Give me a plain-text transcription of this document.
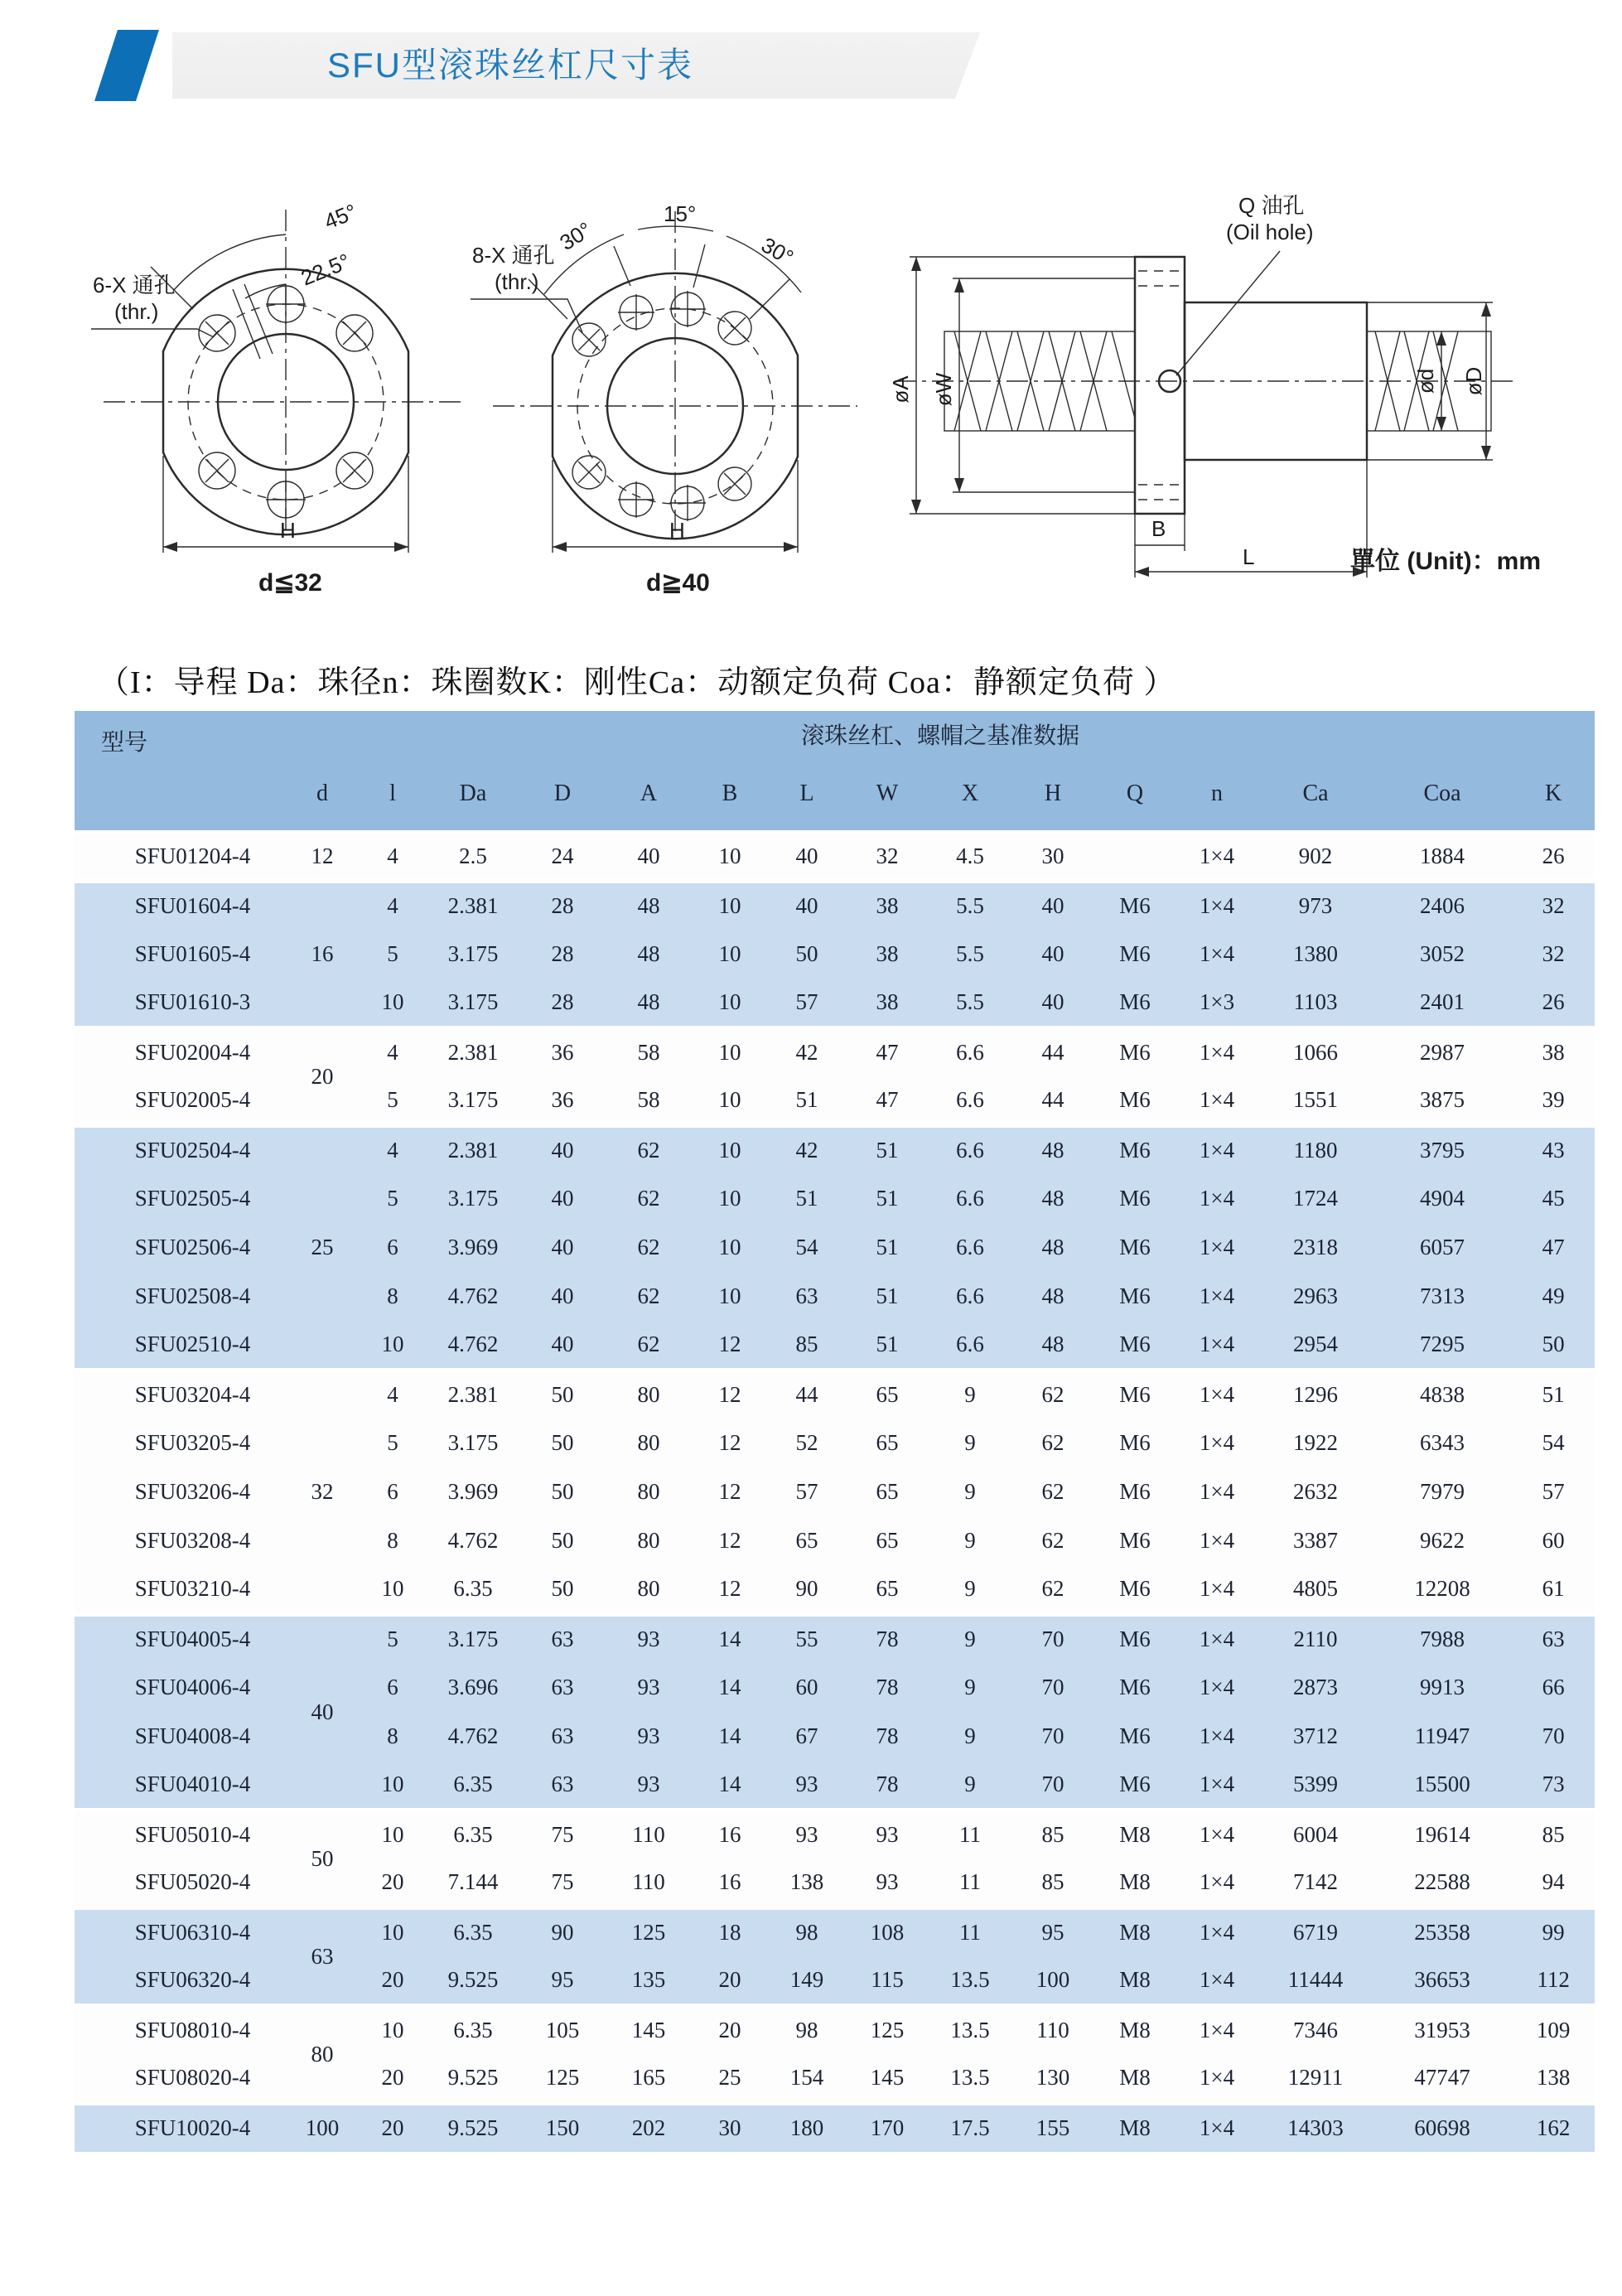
SFU型滚珠丝杠尺寸表
45°
22.5°
6-X 通孔
(thr.)
H
d≦32
30°
15°
30°
8-X 通孔
(thr.)
H
d≧40
Q 油孔
(Oil hole)
øA øW	ød øD
B
L	單位 (Unit)：mm
（I：导程 Da：珠径n：珠圈数K：刚性Ca：动额定负荷 Coa：静额定负荷 ）
型号	滚珠丝杠、螺帽之基准数据														
	d	l	Da	D	A	B	L	W	X	H	Q	n	Ca	Coa	K
SFU01204-4	12	4	2.5	24	40	10	40	32	4.5	30		1×4	902	1884	26
SFU01604-4	16	4	2.381	28	48	10	40	38	5.5	40	M6	1×4	973	2406	32
SFU01605-4		5	3.175	28	48	10	50	38	5.5	40	M6	1×4	1380	3052	32
SFU01610-3		10	3.175	28	48	10	57	38	5.5	40	M6	1×3	1103	2401	26
SFU02004-4	20	4	2.381	36	58	10	42	47	6.6	44	M6	1×4	1066	2987	38
SFU02005-4		5	3.175	36	58	10	51	47	6.6	44	M6	1×4	1551	3875	39
SFU02504-4	25	4	2.381	40	62	10	42	51	6.6	48	M6	1×4	1180	3795	43
SFU02505-4		5	3.175	40	62	10	51	51	6.6	48	M6	1×4	1724	4904	45
SFU02506-4		6	3.969	40	62	10	54	51	6.6	48	M6	1×4	2318	6057	47
SFU02508-4		8	4.762	40	62	10	63	51	6.6	48	M6	1×4	2963	7313	49
SFU02510-4		10	4.762	40	62	12	85	51	6.6	48	M6	1×4	2954	7295	50
SFU03204-4	32	4	2.381	50	80	12	44	65	9	62	M6	1×4	1296	4838	51
SFU03205-4		5	3.175	50	80	12	52	65	9	62	M6	1×4	1922	6343	54
SFU03206-4		6	3.969	50	80	12	57	65	9	62	M6	1×4	2632	7979	57
SFU03208-4		8	4.762	50	80	12	65	65	9	62	M6	1×4	3387	9622	60
SFU03210-4		10	6.35	50	80	12	90	65	9	62	M6	1×4	4805	12208	61
SFU04005-4	40	5	3.175	63	93	14	55	78	9	70	M6	1×4	2110	7988	63
SFU04006-4		6	3.696	63	93	14	60	78	9	70	M6	1×4	2873	9913	66
SFU04008-4		8	4.762	63	93	14	67	78	9	70	M6	1×4	3712	11947	70
SFU04010-4		10	6.35	63	93	14	93	78	9	70	M6	1×4	5399	15500	73
SFU05010-4	50	10	6.35	75	110	16	93	93	11	85	M8	1×4	6004	19614	85
SFU05020-4		20	7.144	75	110	16	138	93	11	85	M8	1×4	7142	22588	94
SFU06310-4	63	10	6.35	90	125	18	98	108	11	95	M8	1×4	6719	25358	99
SFU06320-4		20	9.525	95	135	20	149	115	13.5	100	M8	1×4	11444	36653	112
SFU08010-4	80	10	6.35	105	145	20	98	125	13.5	110	M8	1×4	7346	31953	109
SFU08020-4		20	9.525	125	165	25	154	145	13.5	130	M8	1×4	12911	47747	138
SFU10020-4	100	20	9.525	150	202	30	180	170	17.5	155	M8	1×4	14303	60698	162
